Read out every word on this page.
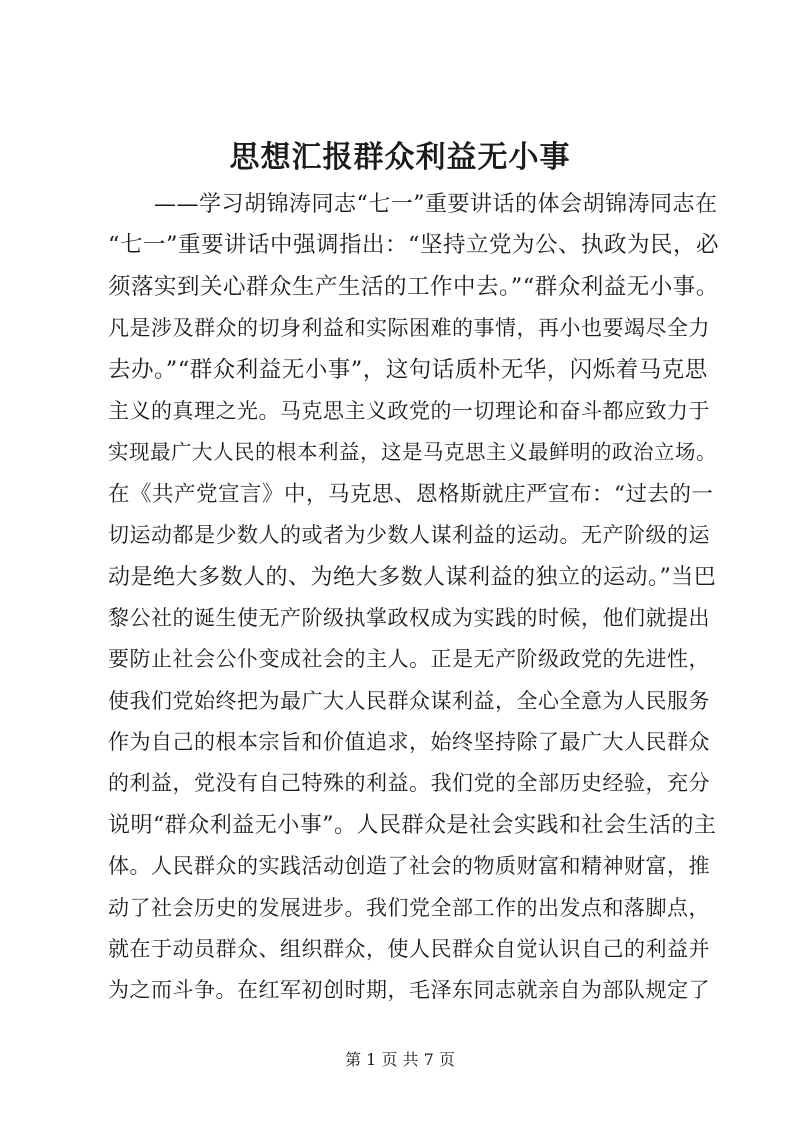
思想汇报群众利益无小事
——学习胡锦涛同志“七一”重要讲话的体会胡锦涛同志在
“七一”重要讲话中强调指出：“坚持立党为公、执政为民，必
须落实到关心群众生产生活的工作中去。”“群众利益无小事。
凡是涉及群众的切身利益和实际困难的事情，再小也要竭尽全力
去办。”“群众利益无小事”，这句话质朴无华，闪烁着马克思
主义的真理之光。马克思主义政党的一切理论和奋斗都应致力于
实现最广大人民的根本利益，这是马克思主义最鲜明的政治立场。
在《共产党宣言》中，马克思、恩格斯就庄严宣布：“过去的一
切运动都是少数人的或者为少数人谋利益的运动。无产阶级的运
动是绝大多数人的、为绝大多数人谋利益的独立的运动。”当巴
黎公社的诞生使无产阶级执掌政权成为实践的时候，他们就提出
要防止社会公仆变成社会的主人。正是无产阶级政党的先进性，
使我们党始终把为最广大人民群众谋利益，全心全意为人民服务
作为自己的根本宗旨和价值追求，始终坚持除了最广大人民群众
的利益，党没有自己特殊的利益。我们党的全部历史经验，充分
说明“群众利益无小事”。人民群众是社会实践和社会生活的主
体。人民群众的实践活动创造了社会的物质财富和精神财富，推
动了社会历史的发展进步。我们党全部工作的出发点和落脚点，
就在于动员群众、组织群众，使人民群众自觉认识自己的利益并
为之而斗争。在红军初创时期，毛泽东同志就亲自为部队规定了
第 1 页 共 7 页
